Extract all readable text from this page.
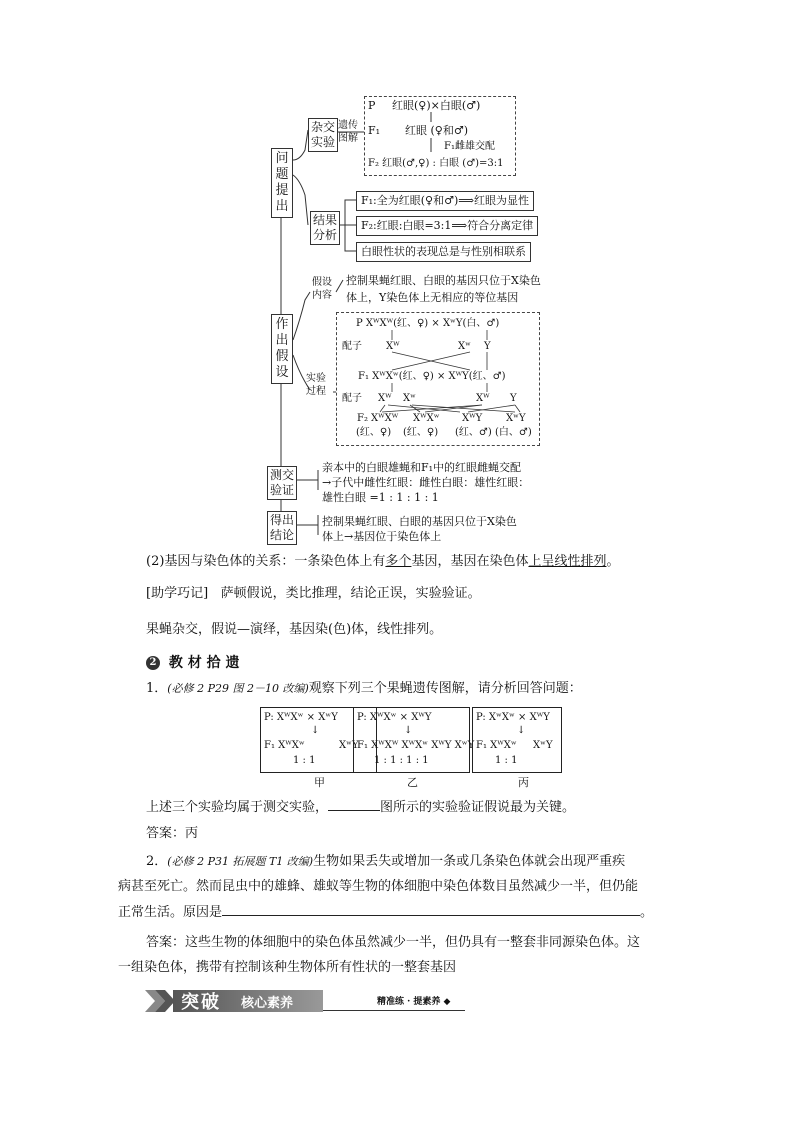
问题提出
作出假设
测交验证
得出结论
杂交实验
遗传图解
P 红眼(♀)×白眼(♂)
F₁ 红眼 (♀和♂)
F₁雌雄交配
F₂ 红眼(♂,♀) : 白眼 (♂)=3:1
结果分析
F₁:全为红眼(♀和♂)⟹红眼为显性
F₂:红眼:白眼=3:1⟹符合分离定律
白眼性状的表现总是与性别相联系
假设内容
控制果蝇红眼、白眼的基因只位于X染色
体上，Y染色体上无相应的等位基因
实验过程
P XᵂXᵂ(红、♀) × XʷY(白、♂)
配子 Xᵂ	Xʷ Y
F₁ XᵂXʷ(红、♀) × XᵂY(红、♂)
配子 Xᵂ Xʷ	Xᵂ Y
F₂ XᵂXᵂ XᵂXʷ XᵂY XʷY
(红、♀) (红、♀) (红、♂) (白、♂)
亲本中的白眼雄蝇和F₁中的红眼雌蝇交配
→子代中雌性红眼：雌性白眼：雄性红眼：
雄性白眼 =1 : 1 : 1 : 1
控制果蝇红眼、白眼的基因只位于X染色
体上→基因位于染色体上
(2)基因与染色体的关系：一条染色体上有多个基因，基因在染色体上呈线性排列。
[助学巧记] 萨顿假说，类比推理，结论正误，实验验证。
果蝇杂交，假说—演绎，基因染(色)体，线性排列。
2 教 材 拾 遗
1．(必修 2 P29 图 2－10 改编)观察下列三个果蝇遗传图解，请分析回答问题：
P: XᵂXʷ × XʷY
↓
F₁ XᵂXʷ	XʷY
1 : 1
甲
P: XᵂXʷ × XᵂY
↓
F₁ XᵂXᵂ XᵂXʷ XᵂY XʷY
1 : 1 : 1 : 1
乙
P: XʷXʷ × XᵂY
↓
F₁ XᵂXʷ XʷY
1 : 1
丙
上述三个实验均属于测交实验，	图所示的实验验证假说最为关键。
答案：丙
2．(必修 2 P31 拓展题 T1 改编)生物如果丢失或增加一条或几条染色体就会出现严重疾
病甚至死亡。然而昆虫中的雄蜂、雄蚁等生物的体细胞中染色体数目虽然减少一半，但仍能
正常生活。原因是	。
答案：这些生物的体细胞中的染色体虽然减少一半，但仍具有一整套非同源染色体。这
一组染色体，携带有控制该种生物体所有性状的一整套基因
突破 核心素养	精准练 · 提素养 ◆
